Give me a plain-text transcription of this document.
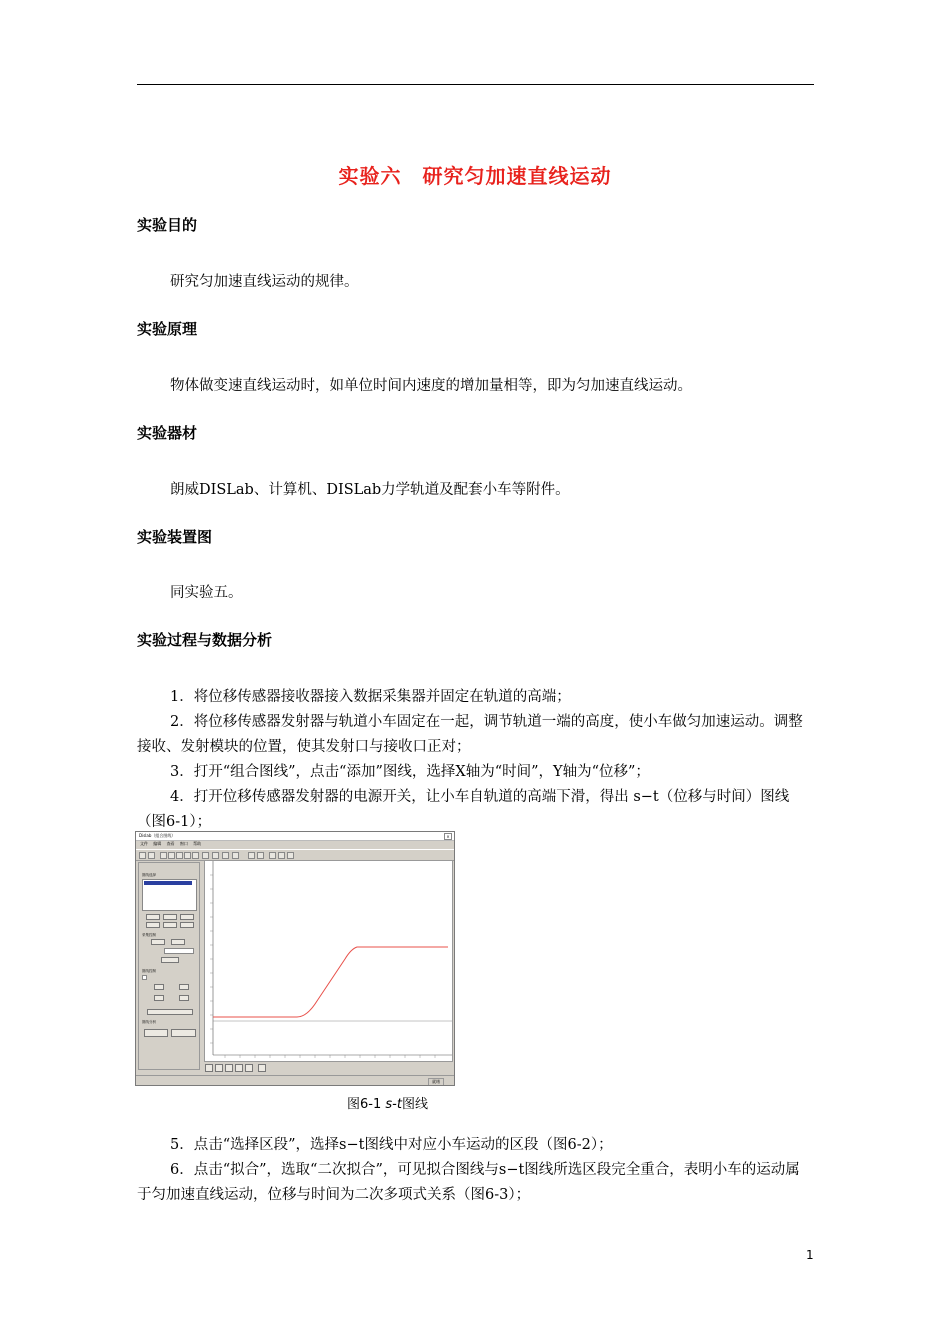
实验六　研究匀加速直线运动
实验目的
研究匀加速直线运动的规律。
实验原理
物体做变速直线运动时，如单位时间内速度的增加量相等，即为匀加速直线运动。
实验器材
朗威DISLab、计算机、DISLab力学轨道及配套小车等附件。
实验装置图
同实验五。
实验过程与数据分析
1．将位移传感器接收器接入数据采集器并固定在轨道的高端；
2．将位移传感器发射器与轨道小车固定在一起，调节轨道一端的高度，使小车做匀加速运动。调整接收、发射模块的位置，使其发射口与接收口正对；
3．打开“组合图线”，点击“添加”图线，选择X轴为“时间”，Y轴为“位移”；
4．打开位移传感器发射器的电源开关，让小车自轨道的高端下滑，得出 s−t（位移与时间）图线（图6-1）；
Dislab（组合图线）	×
文件 编辑 查看 窗口 帮助
图线选择
采集控制
图线控制
图线分析
就绪
图6-1 s-t图线
5．点击“选择区段”，选择s−t图线中对应小车运动的区段（图6-2）；
6．点击“拟合”，选取“二次拟合”，可见拟合图线与s−t图线所选区段完全重合，表明小车的运动属于匀加速直线运动，位移与时间为二次多项式关系（图6-3）；
1
